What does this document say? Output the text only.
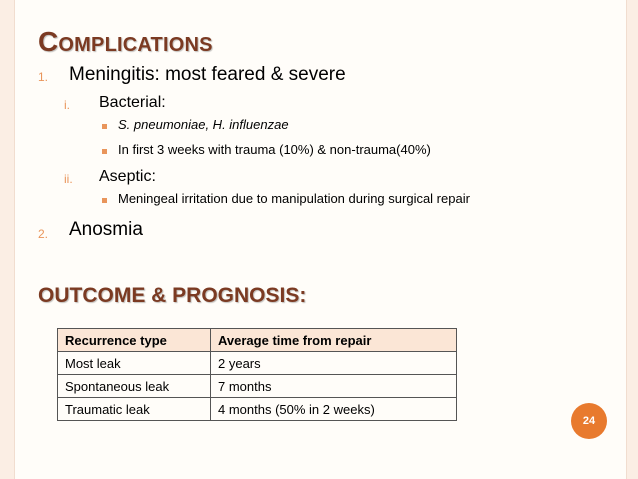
COMPLICATIONS
1. Meningitis: most feared & severe
i. Bacterial:
S. pneumoniae, H. influenzae
In first 3 weeks with trauma (10%) & non-trauma(40%)
ii. Aseptic:
Meningeal irritation due to manipulation during surgical repair
2. Anosmia
OUTCOME & PROGNOSIS:
Recurrence type	Average time from repair
Most leak	2 years
Spontaneous leak	7 months
Traumatic leak	4 months (50% in 2 weeks)
24
